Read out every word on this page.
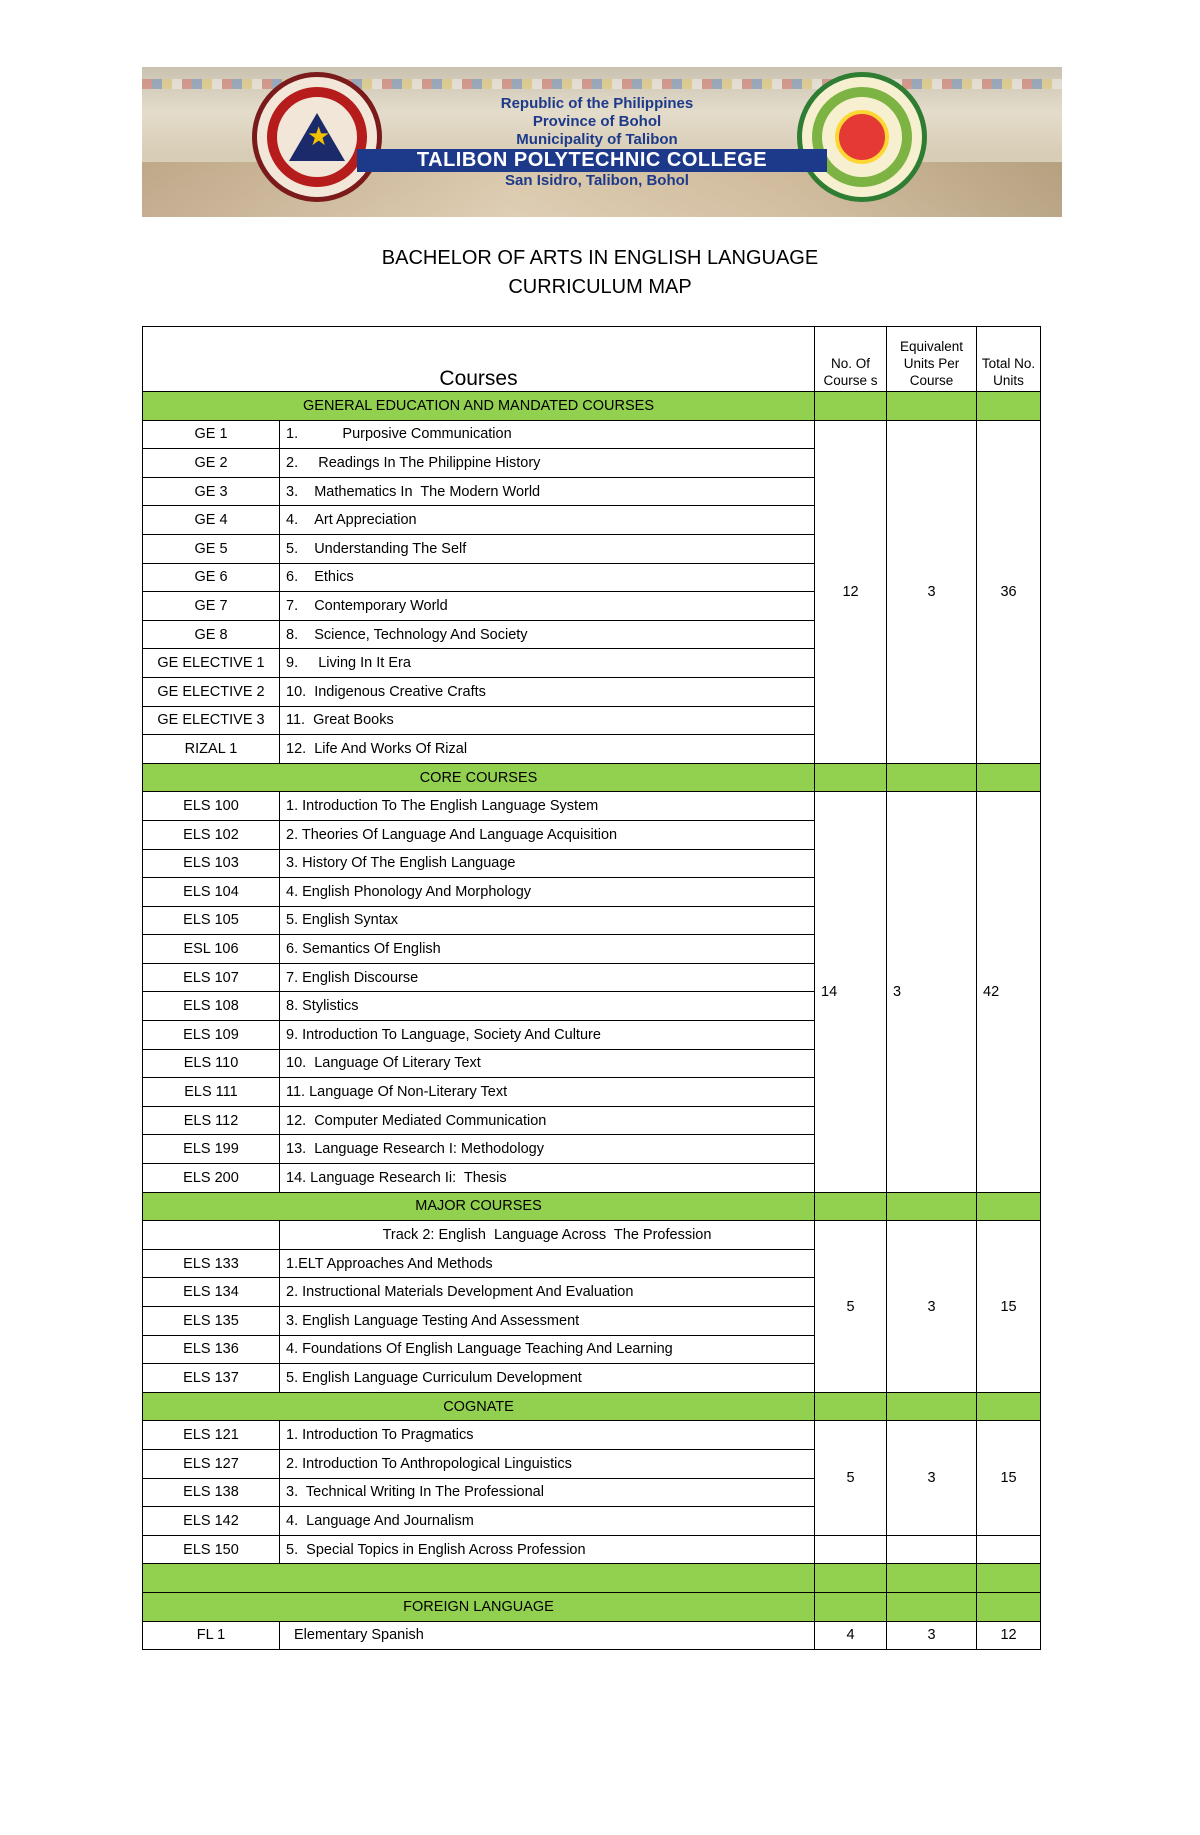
★
Republic of the Philippines
Province of Bohol
Municipality of Talibon
TALIBON POLYTECHNIC COLLEGE
San Isidro, Talibon, Bohol
BACHELOR OF ARTS IN ENGLISH LANGUAGE
CURRICULUM MAP
Courses		No. Of Course s	Equivalent Units Per Course	Total No. Units
GENERAL EDUCATION AND MANDATED COURSES				
GE 1	1.           Purposive Communication	12	3	36
GE 2	2.     Readings In The Philippine History			
GE 3	3.    Mathematics In  The Modern World			
GE 4	4.    Art Appreciation			
GE 5	5.    Understanding The Self			
GE 6	6.    Ethics			
GE 7	7.    Contemporary World			
GE 8	8.    Science, Technology And Society			
GE ELECTIVE 1	9.     Living In It Era			
GE ELECTIVE 2	10.  Indigenous Creative Crafts			
GE ELECTIVE 3	11.  Great Books			
RIZAL 1	12.  Life And Works Of Rizal			
CORE COURSES				
ELS 100	1. Introduction To The English Language System	14	3	42
ELS 102	2. Theories Of Language And Language Acquisition			
ELS 103	3. History Of The English Language			
ELS 104	4. English Phonology And Morphology			
ELS 105	5. English Syntax			
ESL 106	6. Semantics Of English			
ELS 107	7. English Discourse			
ELS 108	8. Stylistics			
ELS 109	9. Introduction To Language, Society And Culture			
ELS 110	10.  Language Of Literary Text			
ELS 111	11. Language Of Non-Literary Text			
ELS 112	12.  Computer Mediated Communication			
ELS 199	13.  Language Research I: Methodology			
ELS 200	14. Language Research Ii:  Thesis			
MAJOR COURSES				
	Track 2: English  Language Across  The Profession	5	3	15
ELS 133	1.ELT Approaches And Methods			
ELS 134	2. Instructional Materials Development And Evaluation			
ELS 135	3. English Language Testing And Assessment			
ELS 136	4. Foundations Of English Language Teaching And Learning			
ELS 137	5. English Language Curriculum Development			
COGNATE				
ELS 121	1. Introduction To Pragmatics	5	3	15
ELS 127	2. Introduction To Anthropological Linguistics			
ELS 138	3.  Technical Writing In The Professional			
ELS 142	4.  Language And Journalism			
ELS 150	5.  Special Topics in English Across Profession			

FOREIGN LANGUAGE				
FL 1	Elementary Spanish	4	3	12
